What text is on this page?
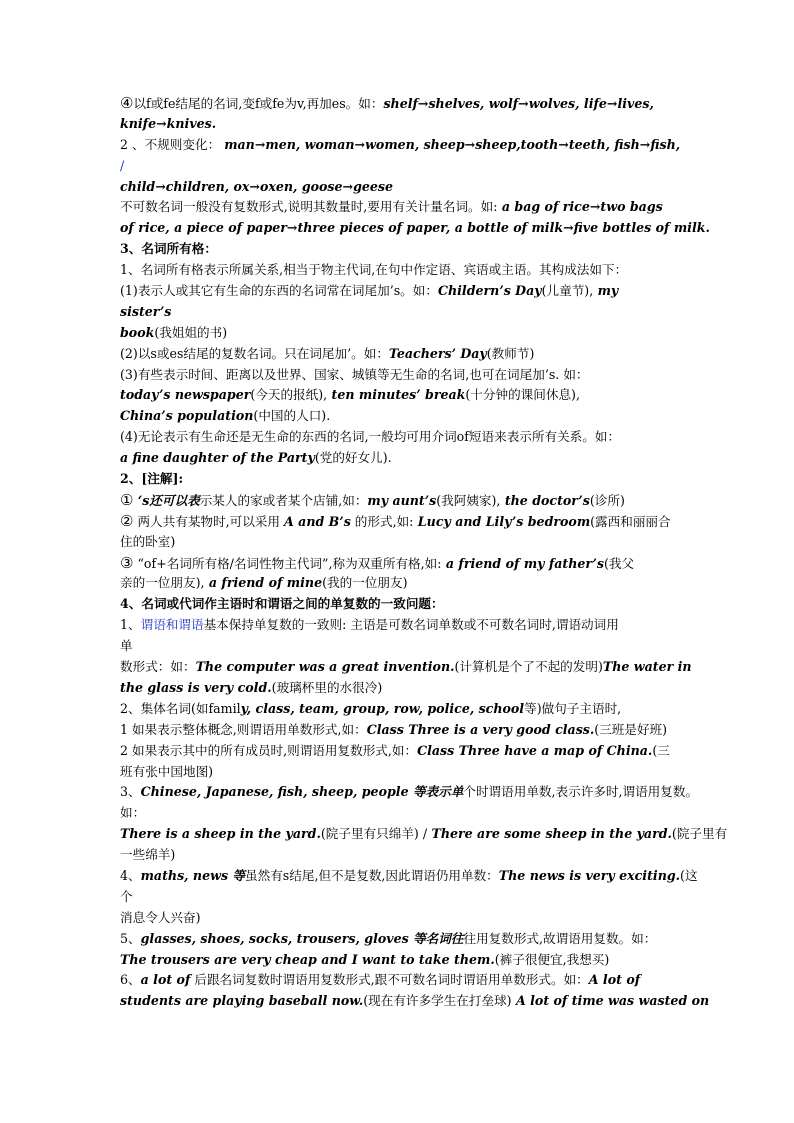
④以f或fe结尾的名词,变f或fe为v,再加es。如：shelf→shelves, wolf→wolves, life→lives,
knife→knives.
2 、不规则变化： man→men, woman→women, sheep→sheep,tooth→teeth, fish→fish,
/
child→children, ox→oxen, goose→geese
不可数名词一般没有复数形式,说明其数量时,要用有关计量名词。如: a bag of rice→two bags
of rice, a piece of paper→three pieces of paper, a bottle of milk→five bottles of milk.
3、名词所有格：
1、名词所有格表示所属关系,相当于物主代词,在句中作定语、宾语或主语。其构成法如下：
(1)表示人或其它有生命的东西的名词常在词尾加’s。如：Childern’s Day(儿童节), my
sister’s
book(我姐姐的书)
(2)以s或es结尾的复数名词。只在词尾加’。如：Teachers’ Day(教师节)
(3)有些表示时间、距离以及世界、国家、城镇等无生命的名词,也可在词尾加’s. 如：
today’s newspaper(今天的报纸), ten minutes’ break(十分钟的课间休息),
China’s population(中国的人口).
(4)无论表示有生命还是无生命的东西的名词,一般均可用介词of短语来表示所有关系。如：
a fine daughter of the Party(党的好女儿).
2、[注解]:
① ‘s还可以表示某人的家或者某个店铺,如：my aunt’s(我阿姨家), the doctor’s(诊所)
② 两人共有某物时,可以采用 A and B’s 的形式,如: Lucy and Lily’s bedroom(露西和丽丽合
住的卧室)
③ “of+名词所有格/名词性物主代词”,称为双重所有格,如: a friend of my father’s(我父
亲的一位朋友), a friend of mine(我的一位朋友)
4、名词或代词作主语时和谓语之间的单复数的一致问题：
1、谓语和谓语基本保持单复数的一致则: 主语是可数名词单数或不可数名词时,谓语动词用
单
数形式：如：The computer was a great invention.(计算机是个了不起的发明)The water in
the glass is very cold.(玻璃杯里的水很冷)
2、集体名词(如family, class, team, group, row, police, school等)做句子主语时,
1 如果表示整体概念,则谓语用单数形式,如：Class Three is a very good class.(三班是好班)
2 如果表示其中的所有成员时,则谓语用复数形式,如：Class Three have a map of China.(三
班有张中国地图)
3、Chinese, Japanese, fish, sheep, people 等表示单个时谓语用单数,表示许多时,谓语用复数。
如：
There is a sheep in the yard.(院子里有只绵羊) / There are some sheep in the yard.(院子里有
一些绵羊)
4、maths, news 等虽然有s结尾,但不是复数,因此谓语仍用单数：The news is very exciting.(这
个
消息令人兴奋)
5、glasses, shoes, socks, trousers, gloves 等名词往往用复数形式,故谓语用复数。如：
The trousers are very cheap and I want to take them.(裤子很便宜,我想买)
6、a lot of 后跟名词复数时谓语用复数形式,跟不可数名词时谓语用单数形式。如：A lot of
students are playing baseball now.(现在有许多学生在打垒球) A lot of time was wasted on
